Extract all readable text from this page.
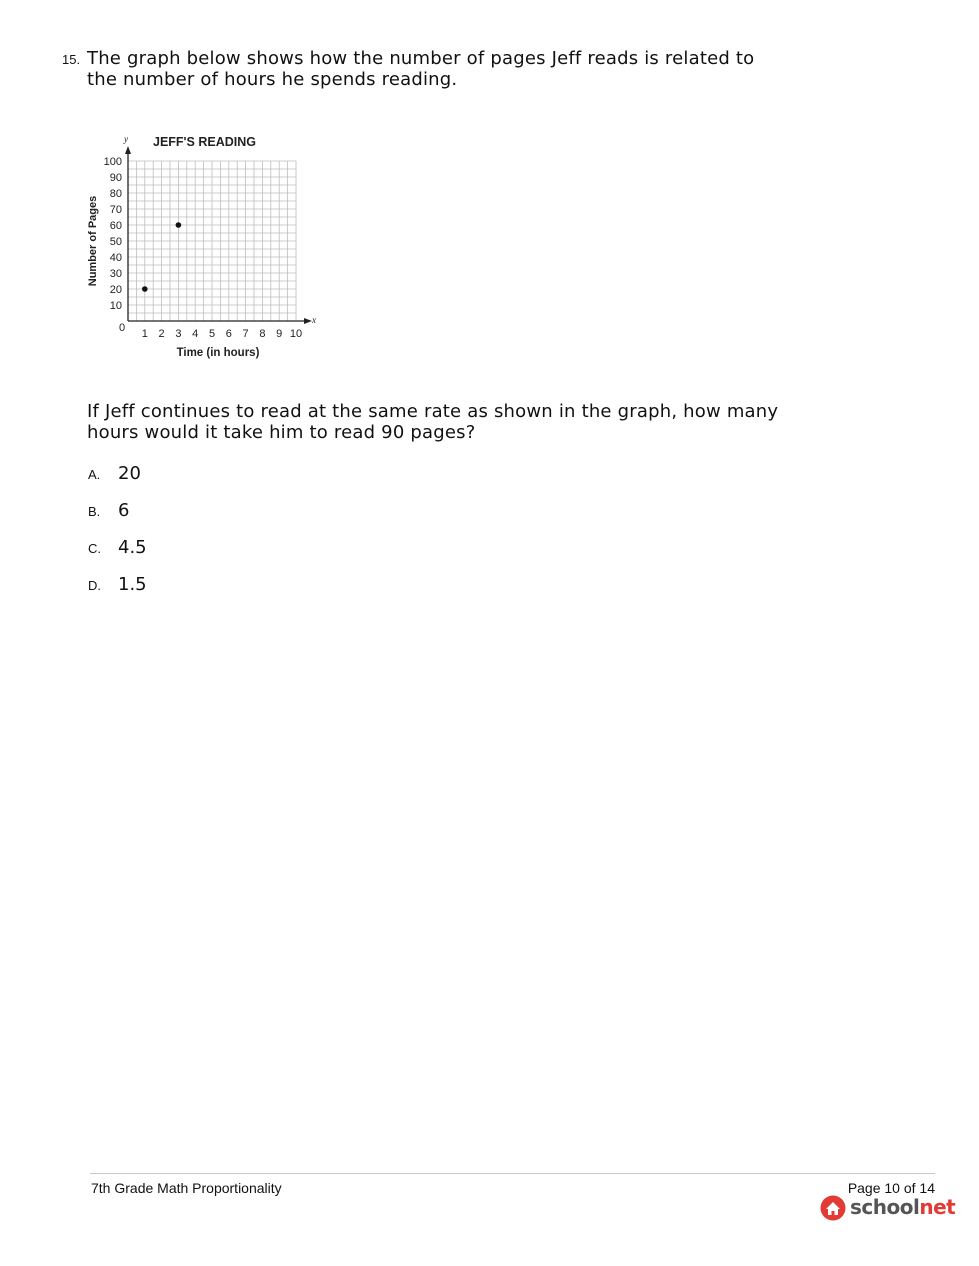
15. The graph below shows how the number of pages Jeff reads is related to the number of hours he spends reading.
JEFF'S READING
y
x
0 1 2 3 4 5 6 7 8 9 10
10
20
30
40
50
60
70
80
90
100
Time (in hours)
Number of Pages
If Jeff continues to read at the same rate as shown in the graph, how many hours would it take him to read 90 pages?
A. 20
B. 6
C. 4.5
D. 1.5
7th Grade Math Proportionality	Page 10 of 14
schoolnet
